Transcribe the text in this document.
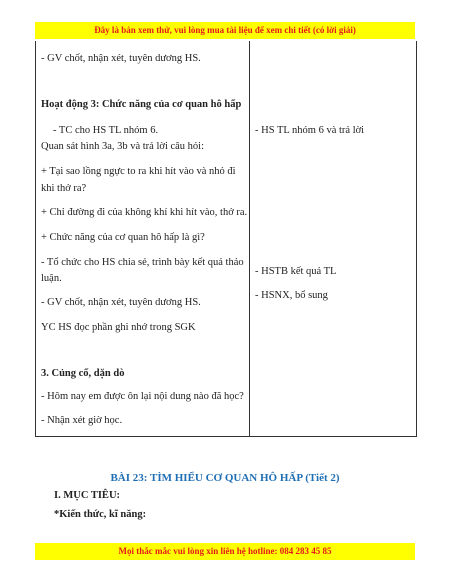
Đây là bản xem thử, vui lòng mua tài liệu để xem chi tiết (có lời giải)
- GV chốt, nhận xét, tuyên dương HS.
Hoạt động 3: Chức năng của cơ quan hô hấp
- TC cho HS TL nhóm 6.
Quan sát hình 3a, 3b và trả lời câu hỏi:
+ Tại sao lồng ngực to ra khi hít vào và nhỏ đi
khi thở ra?
+ Chỉ đường đi của không khí khi hít vào, thở ra.
+ Chức năng của cơ quan hô hấp là gì?
- Tổ chức cho HS chia sẻ, trình bày kết quả thảo
luận.
- GV chốt, nhận xét, tuyên dương HS.
YC HS đọc phần ghi nhớ trong SGK
3. Củng cố, dặn dò
- Hôm nay em được ôn lại nội dung nào đã học?
- Nhận xét giờ học.
- HS TL nhóm 6 và trả lời
- HSTB kết quả TL
- HSNX, bổ sung
BÀI 23: TÌM HIỂU CƠ QUAN HÔ HẤP (Tiết 2)
I. MỤC TIÊU:
*Kiến thức, kĩ năng:
Mọi thắc mắc vui lòng xin liên hệ hotline: 084 283 45 85
